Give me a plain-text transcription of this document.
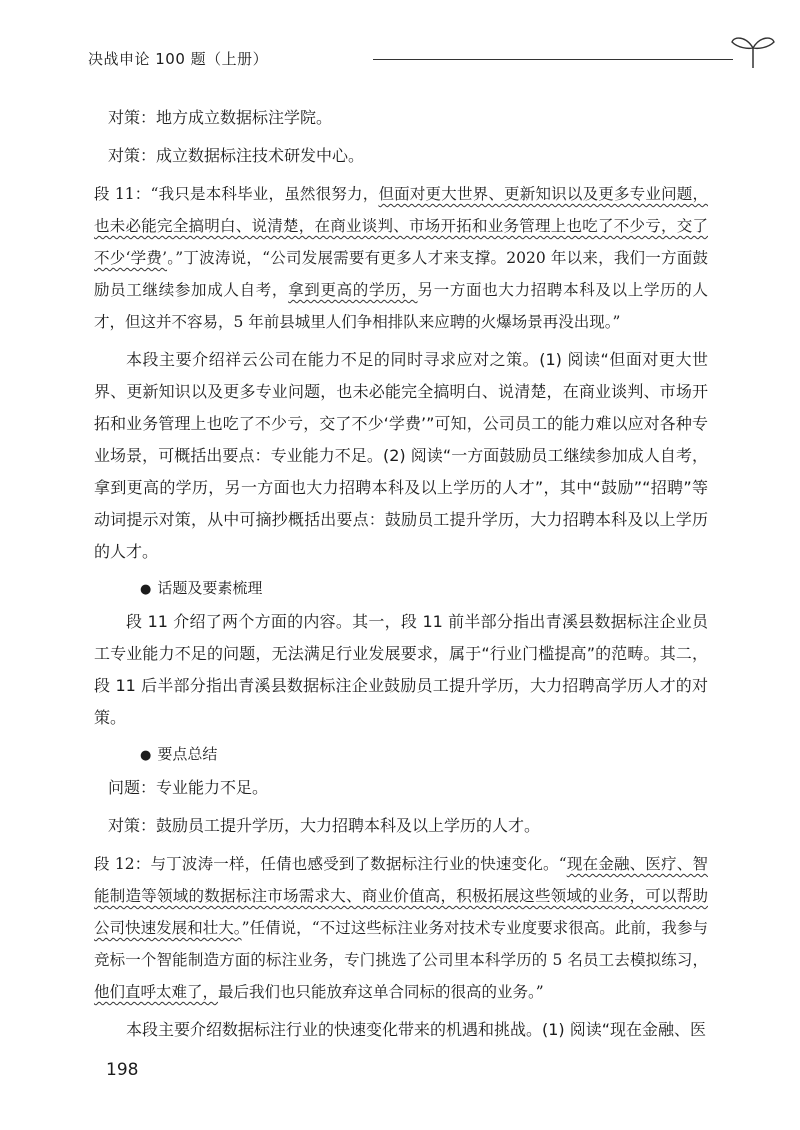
决战申论 100 题（上册）

对策：地方成立数据标注学院。

对策：成立数据标注技术研发中心。

段 11：“我只是本科毕业，虽然很努力，但面对更大世界、更新知识以及更多专业问题，也未必能完全搞明白、说清楚，在商业谈判、市场开拓和业务管理上也吃了不少亏，交了不少‘学费’。”丁波涛说，“公司发展需要有更多人才来支撑。2020 年以来，我们一方面鼓励员工继续参加成人自考，拿到更高的学历，另一方面也大力招聘本科及以上学历的人才，但这并不容易，5 年前县城里人们争相排队来应聘的火爆场景再没出现。”

本段主要介绍祥云公司在能力不足的同时寻求应对之策。(1) 阅读“但面对更大世界、更新知识以及更多专业问题，也未必能完全搞明白、说清楚，在商业谈判、市场开拓和业务管理上也吃了不少亏，交了不少‘学费’”可知，公司员工的能力难以应对各种专业场景，可概括出要点：专业能力不足。(2) 阅读“一方面鼓励员工继续参加成人自考，拿到更高的学历，另一方面也大力招聘本科及以上学历的人才”，其中“鼓励”“招聘”等动词提示对策，从中可摘抄概括出要点：鼓励员工提升学历，大力招聘本科及以上学历的人才。

● 话题及要素梳理

段 11 介绍了两个方面的内容。其一，段 11 前半部分指出青溪县数据标注企业员工专业能力不足的问题，无法满足行业发展要求，属于“行业门槛提高”的范畴。其二，段 11 后半部分指出青溪县数据标注企业鼓励员工提升学历，大力招聘高学历人才的对策。

● 要点总结

问题：专业能力不足。

对策：鼓励员工提升学历，大力招聘本科及以上学历的人才。

段 12：与丁波涛一样，任倩也感受到了数据标注行业的快速变化。“现在金融、医疗、智能制造等领域的数据标注市场需求大、商业价值高，积极拓展这些领域的业务，可以帮助公司快速发展和壮大。”任倩说，“不过这些标注业务对技术专业度要求很高。此前，我参与竞标一个智能制造方面的标注业务，专门挑选了公司里本科学历的 5 名员工去模拟练习，他们直呼太难了，最后我们也只能放弃这单合同标的很高的业务。”

本段主要介绍数据标注行业的快速变化带来的机遇和挑战。(1) 阅读“现在金融、医

198
